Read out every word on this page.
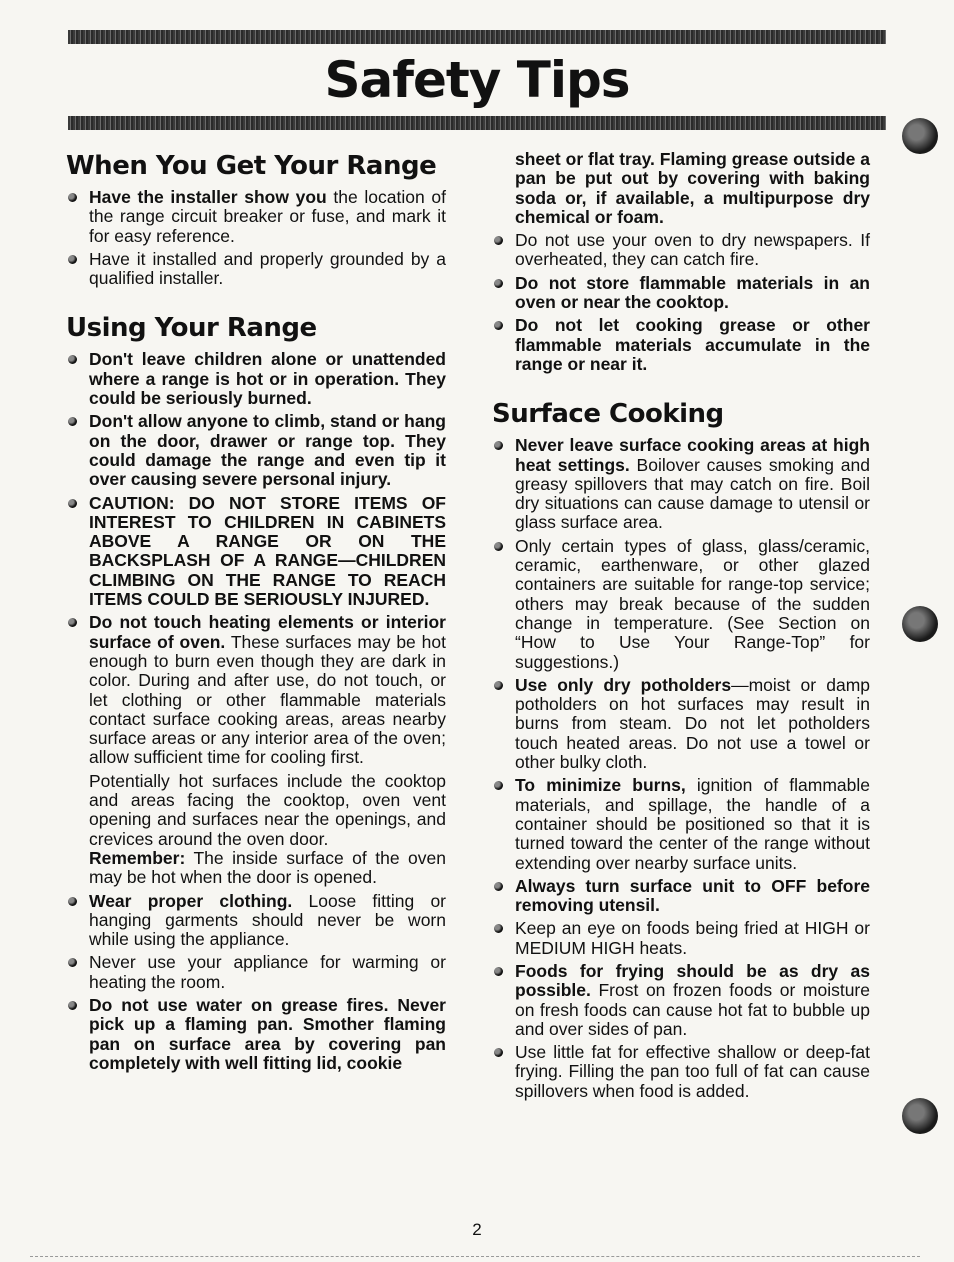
Safety Tips
When You Get Your Range
Have the installer show you the location of the range circuit breaker or fuse, and mark it for easy reference.
Have it installed and properly grounded by a qualified installer.
Using Your Range
Don't leave children alone or unattended where a range is hot or in operation. They could be seriously burned.
Don't allow anyone to climb, stand or hang on the door, drawer or range top. They could damage the range and even tip it over causing severe personal injury.
CAUTION: DO NOT STORE ITEMS OF INTEREST TO CHILDREN IN CABINETS ABOVE A RANGE OR ON THE BACKSPLASH OF A RANGE—CHILDREN CLIMBING ON THE RANGE TO REACH ITEMS COULD BE SERIOUSLY INJURED.
Do not touch heating elements or interior surface of oven. These surfaces may be hot enough to burn even though they are dark in color. During and after use, do not touch, or let clothing or other flammable materials contact surface cooking areas, areas nearby surface areas or any interior area of the oven; allow sufficient time for cooling first.

Potentially hot surfaces include the cooktop and areas facing the cooktop, oven vent opening and surfaces near the openings, and crevices around the oven door.

Remember: The inside surface of the oven may be hot when the door is opened.

Wear proper clothing. Loose fitting or hanging garments should never be worn while using the appliance.
Never use your appliance for warming or heating the room.
Do not use water on grease fires. Never pick up a flaming pan. Smother flaming pan on surface area by covering pan completely with well fitting lid, cookie
sheet or flat tray. Flaming grease outside a pan be put out by covering with baking soda or, if available, a multipurpose dry chemical or foam.
Do not use your oven to dry newspapers. If overheated, they can catch fire.
Do not store flammable materials in an oven or near the cooktop.
Do not let cooking grease or other flammable materials accumulate in the range or near it.
Surface Cooking
Never leave surface cooking areas at high heat settings. Boilover causes smoking and greasy spillovers that may catch on fire. Boil dry situations can cause damage to utensil or glass surface area.
Only certain types of glass, glass/ceramic, ceramic, earthenware, or other glazed containers are suitable for range-top service; others may break because of the sudden change in temperature. (See Section on “How to Use Your Range-Top” for suggestions.)
Use only dry potholders—moist or damp potholders on hot surfaces may result in burns from steam. Do not let potholders touch heated areas. Do not use a towel or other bulky cloth.
To minimize burns, ignition of flammable materials, and spillage, the handle of a container should be positioned so that it is turned toward the center of the range without extending over nearby surface units.
Always turn surface unit to OFF before removing utensil.
Keep an eye on foods being fried at HIGH or MEDIUM HIGH heats.
Foods for frying should be as dry as possible. Frost on frozen foods or moisture on fresh foods can cause hot fat to bubble up and over sides of pan.
Use little fat for effective shallow or deep-fat frying. Filling the pan too full of fat can cause spillovers when food is added.
2
